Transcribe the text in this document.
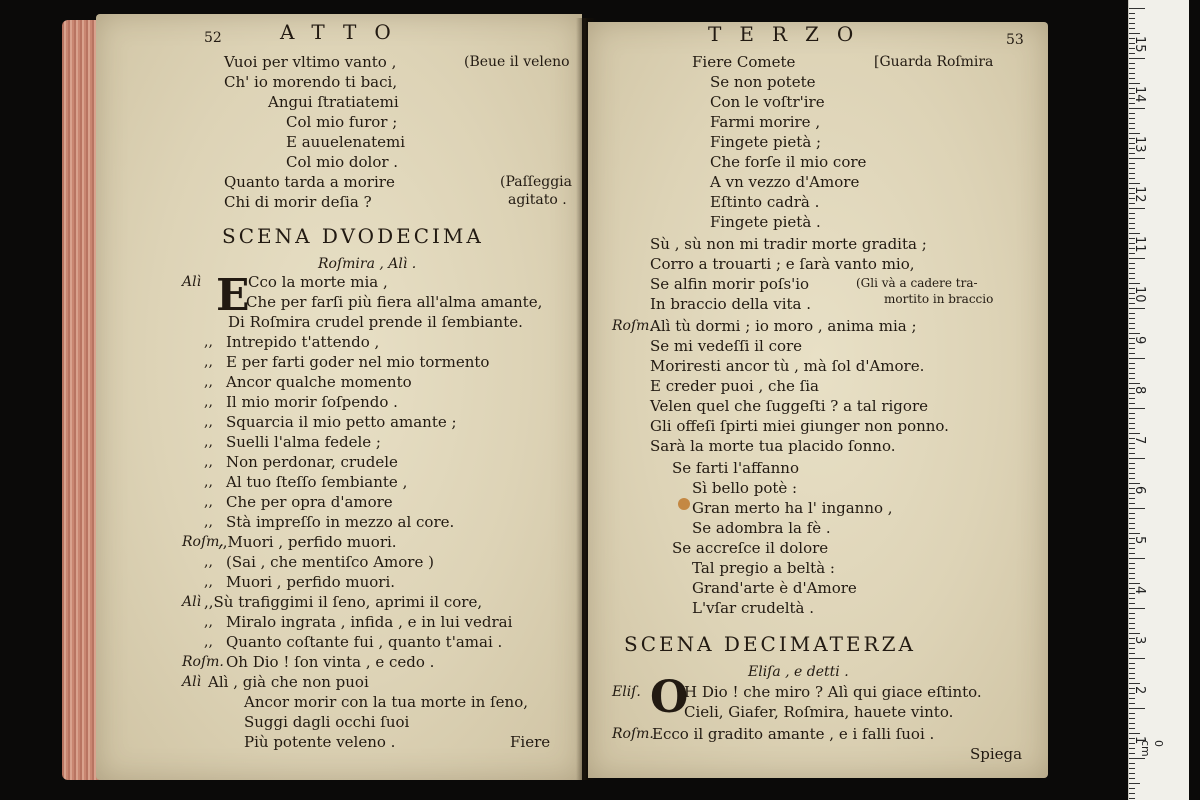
52	ATTO
Vuoi per vltimo vanto ,
Ch' io morendo ti baci,
Angui ſtratiatemi
Col mio furor ;
E auuelenatemi
Col mio dolor .
Quanto tarda a morire
Chi di morir deſia ?
(Beue il veleno
(Paſſeggia
agitato .
SCENA DVODECIMA
Roſmira , Alì .
Alì E
Cco la morte mia ,
Che per farſi più fiera all'alma amante,
Di Roſmira crudel prende il ſembiante.
,, Intrepido t'attendo ,
,, E per farti goder nel mio tormento
,, Ancor qualche momento
,, Il mio morir ſoſpendo .
,, Squarcia il mio petto amante ;
,, Suelli l'alma fedele ;
,, Non perdonar, crudele
,, Al tuo ſteſſo ſembiante ,
,, Che per opra d'amore
,, Stà impreſſo in mezzo al core.
Roſm.
,,Muori , perfido muori.
,, (Sai , che mentiſco Amore )
,, Muori , perfido muori.
Alì ,,Sù trafiggimi il ſeno, aprimi il core,
,, Miralo ingrata , infida , e in lui vedrai
,, Quanto coſtante fui , quanto t'amai .
Roſm. Oh Dio ! ſon vinta , e cedo .
Alì Alì , già che non puoi
Ancor morir con la tua morte in ſeno,
Suggi dagli occhi ſuoi
Più potente veleno .	Fiere
TERZO	53
Fiere Comete	[Guarda Roſmira
Se non potete
Con le voſtr'ire
Farmi morire ,
Fingete pietà ;
Che forſe il mio core
A vn vezzo d'Amore
Eſtinto cadrà .
Fingete pietà .
Sù , sù non mi tradir morte gradita ;
Corro a trouarti ; e ſarà vanto mio,
Se alfin morir poſs'io
In braccio della vita .
(Gli và a cadere tra-
mortito in braccio
Roſm.
Alì tù dormi ; io moro , anima mia ;
Se mi vedeſſi il core
Moriresti ancor tù , mà ſol d'Amore.
E creder puoi , che ſia
Velen quel che ſuggeſti ? a tal rigore
Gli offeſi ſpirti miei giunger non ponno.
Sarà la morte tua placido ſonno.
Se farti l'affanno
Sì bello potè :
Gran merto ha l' inganno ,
Se adombra la fè .
Se accreſce il dolore
Tal pregio a beltà :
Grand'arte è d'Amore
L'vſar crudeltà .
SCENA DECIMATERZA
Eliſa , e detti .
Eliſ. O
H Dio ! che miro ? Alì qui giace eſtinto.
Cieli, Giafer, Roſmira, hauete vinto.
Roſm.
Ecco il gradito amante , e i falli ſuoi .
Spiega
15
14
13
12
11
10
9
8
7
6
5
4
3
2
1 0 cm
